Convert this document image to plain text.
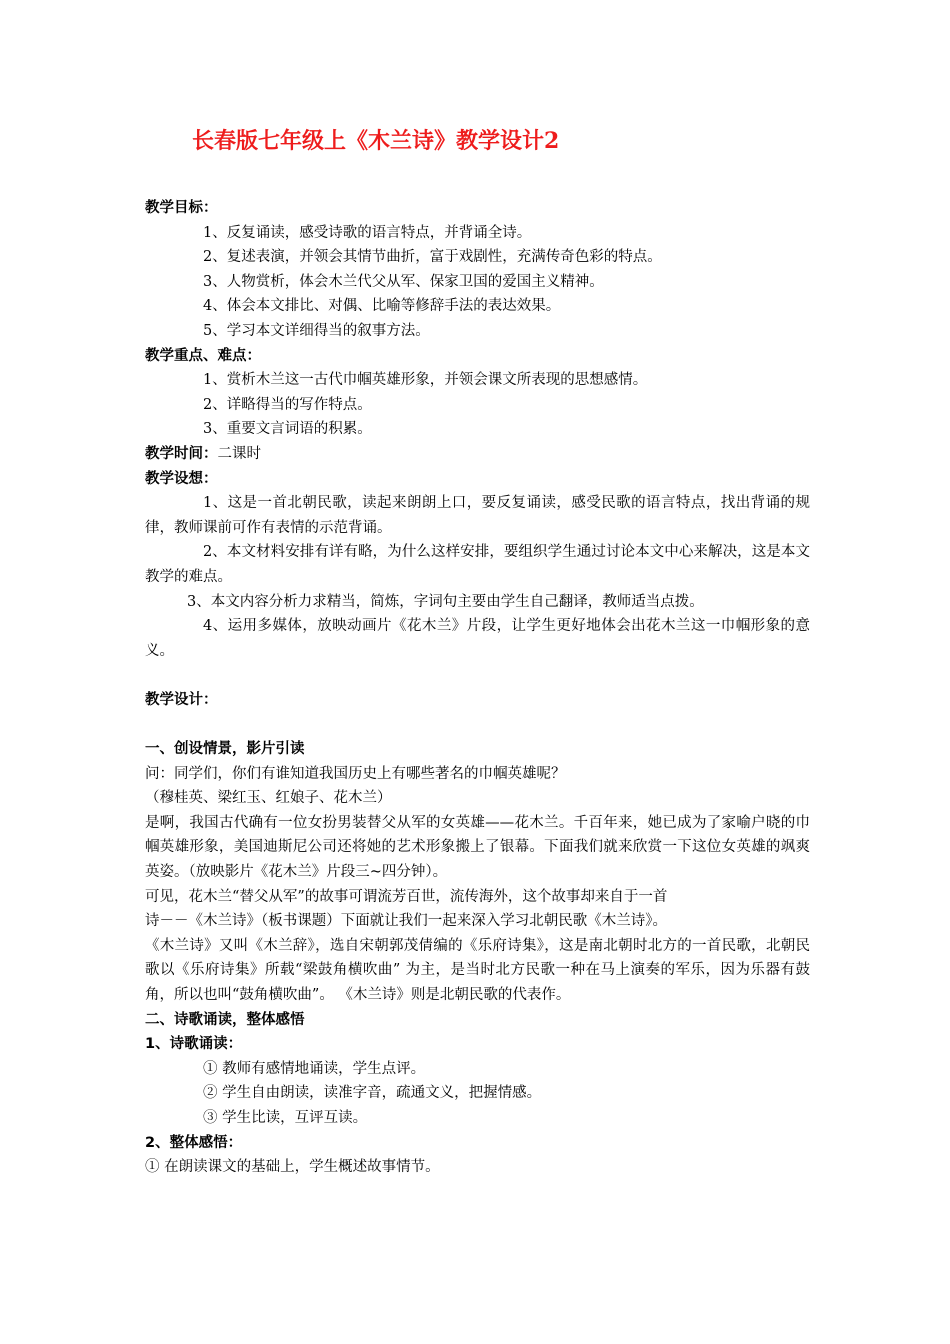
长春版七年级上《木兰诗》教学设计2

教学目标：

1、反复诵读，感受诗歌的语言特点，并背诵全诗。

2、复述表演，并领会其情节曲折，富于戏剧性，充满传奇色彩的特点。

3、人物赏析，体会木兰代父从军、保家卫国的爱国主义精神。

4、体会本文排比、对偶、比喻等修辞手法的表达效果。

5、学习本文详细得当的叙事方法。

教学重点、难点：

1、赏析木兰这一古代巾帼英雄形象，并领会课文所表现的思想感情。

2、详略得当的写作特点。

3、重要文言词语的积累。

教学时间：二课时

教学设想：

1、这是一首北朝民歌，读起来朗朗上口，要反复诵读，感受民歌的语言特点，找出背诵的规律，教师课前可作有表情的示范背诵。

2、本文材料安排有详有略，为什么这样安排，要组织学生通过讨论本文中心来解决，这是本文教学的难点。

3、本文内容分析力求精当，简炼，字词句主要由学生自己翻译，教师适当点拨。

4、运用多媒体，放映动画片《花木兰》片段，让学生更好地体会出花木兰这一巾帼形象的意义。

教学设计：

一、创设情景，影片引读

问：同学们，你们有谁知道我国历史上有哪些著名的巾帼英雄呢？

（穆桂英、梁红玉、红娘子、花木兰）

是啊，我国古代确有一位女扮男装替父从军的女英雄——花木兰。千百年来，她已成为了家喻户晓的巾帼英雄形象，美国迪斯尼公司还将她的艺术形象搬上了银幕。下面我们就来欣赏一下这位女英雄的飒爽英姿。（放映影片《花木兰》片段三~四分钟）。

可见，花木兰“替父从军”的故事可谓流芳百世，流传海外，这个故事却来自于一首

诗－－《木兰诗》（板书课题）下面就让我们一起来深入学习北朝民歌《木兰诗》。

《木兰诗》又叫《木兰辞》，选自宋朝郭茂倩编的《乐府诗集》，这是南北朝时北方的一首民歌，北朝民歌以《乐府诗集》所载“梁鼓角横吹曲” 为主，是当时北方民歌一种在马上演奏的军乐，因为乐器有鼓角，所以也叫“鼓角横吹曲”。 《木兰诗》则是北朝民歌的代表作。

二、诗歌诵读，整体感悟

1、诗歌诵读：

① 教师有感情地诵读，学生点评。

② 学生自由朗读，读准字音，疏通文义，把握情感。

③ 学生比读，互评互读。

2、整体感悟：

① 在朗读课文的基础上，学生概述故事情节。
